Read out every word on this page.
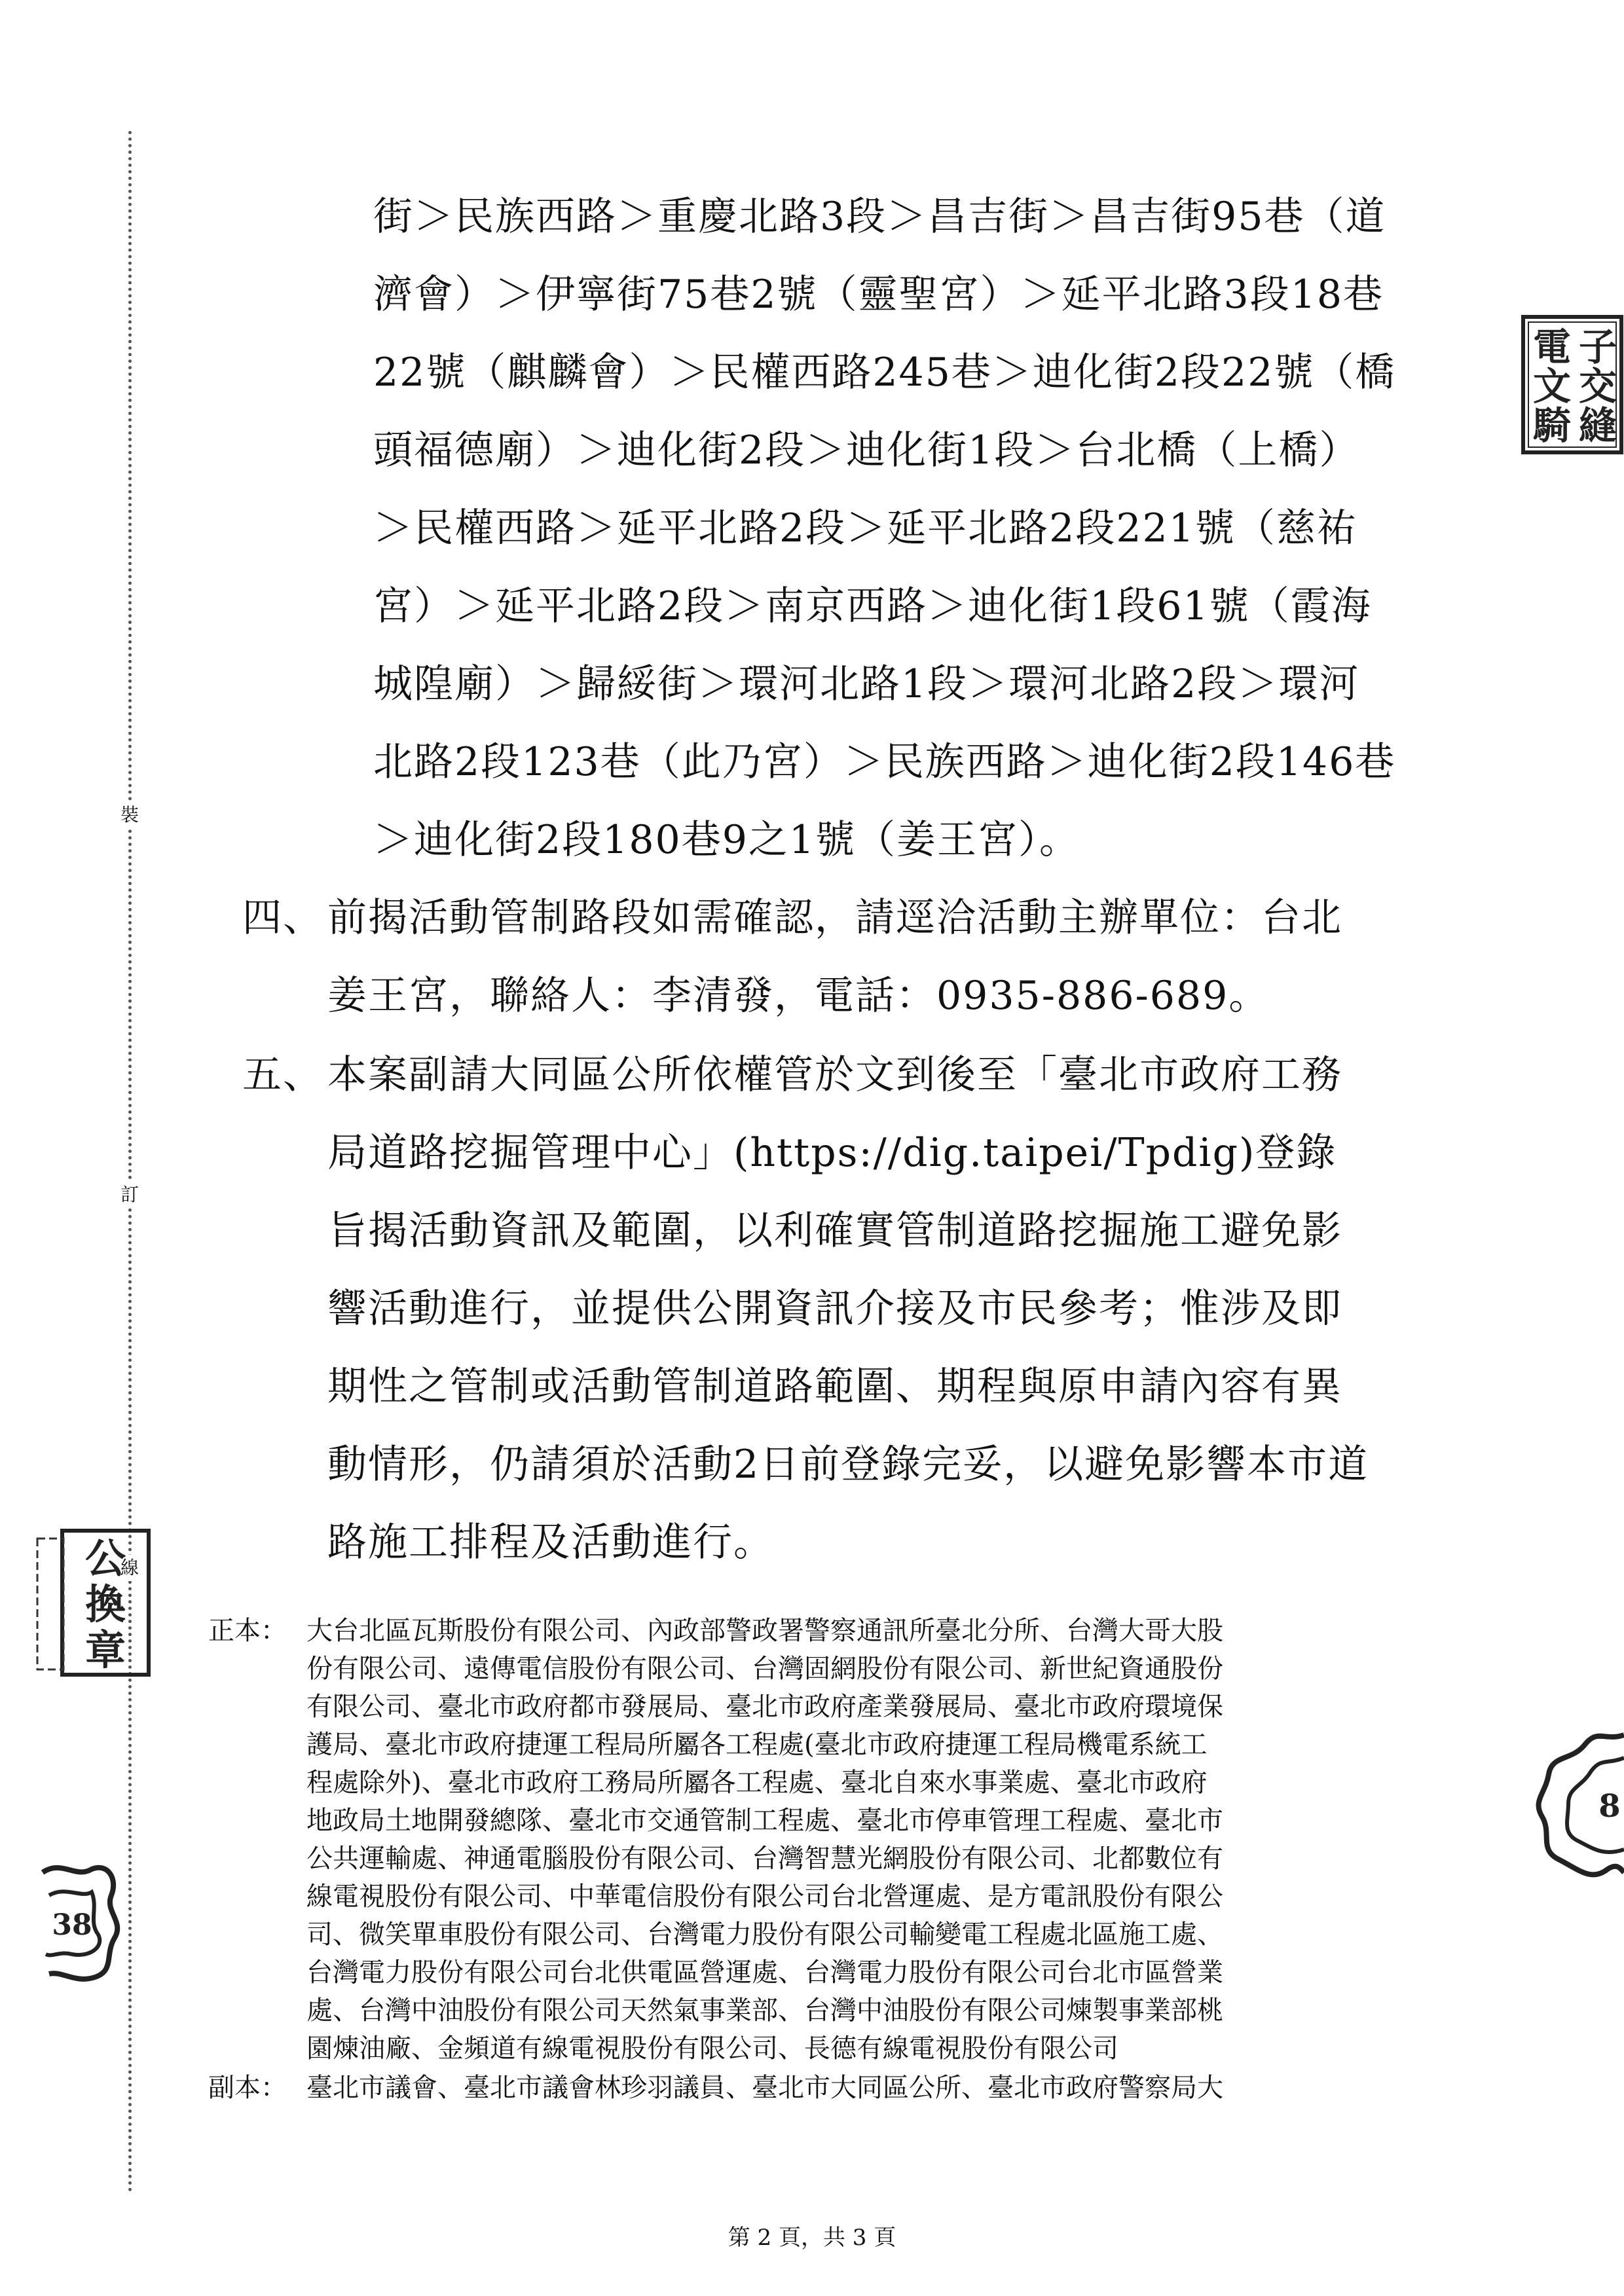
裝
訂
線
街＞民族西路＞重慶北路3段＞昌吉街＞昌吉街95巷（道
濟會）＞伊寧街75巷2號（靈聖宮）＞延平北路3段18巷
22號（麒麟會）＞民權西路245巷＞迪化街2段22號（橋
頭福德廟）＞迪化街2段＞迪化街1段＞台北橋（上橋）
＞民權西路＞延平北路2段＞延平北路2段221號（慈祐
宮）＞延平北路2段＞南京西路＞迪化街1段61號（霞海
城隍廟）＞歸綏街＞環河北路1段＞環河北路2段＞環河
北路2段123巷（此乃宮）＞民族西路＞迪化街2段146巷
＞迪化街2段180巷9之1號（姜王宮）。
四、 前揭活動管制路段如需確認，請逕洽活動主辦單位：台北
姜王宮，聯絡人：李清發，電話：0935-886-689。
五、 本案副請大同區公所依權管於文到後至「臺北市政府工務
局道路挖掘管理中心」(https://dig.taipei/Tpdig)登錄
旨揭活動資訊及範圍，以利確實管制道路挖掘施工避免影
響活動進行，並提供公開資訊介接及市民參考；惟涉及即
期性之管制或活動管制道路範圍、期程與原申請內容有異
動情形，仍請須於活動2日前登錄完妥，以避免影響本市道
路施工排程及活動進行。
正本： 大台北區瓦斯股份有限公司、內政部警政署警察通訊所臺北分所、台灣大哥大股
份有限公司、遠傳電信股份有限公司、台灣固網股份有限公司、新世紀資通股份
有限公司、臺北市政府都市發展局、臺北市政府產業發展局、臺北市政府環境保
護局、臺北市政府捷運工程局所屬各工程處(臺北市政府捷運工程局機電系統工
程處除外)、臺北市政府工務局所屬各工程處、臺北自來水事業處、臺北市政府
地政局土地開發總隊、臺北市交通管制工程處、臺北市停車管理工程處、臺北市
公共運輸處、神通電腦股份有限公司、台灣智慧光網股份有限公司、北都數位有
線電視股份有限公司、中華電信股份有限公司台北營運處、是方電訊股份有限公
司、微笑單車股份有限公司、台灣電力股份有限公司輸變電工程處北區施工處、
台灣電力股份有限公司台北供電區營運處、台灣電力股份有限公司台北市區營業
處、台灣中油股份有限公司天然氣事業部、台灣中油股份有限公司煉製事業部桃
園煉油廠、金頻道有線電視股份有限公司、長德有線電視股份有限公司
副本： 臺北市議會、臺北市議會林珍羽議員、臺北市大同區公所、臺北市政府警察局大
第 2 頁，共 3 頁
電
文
騎
子
交
縫
公
換
章
8
38
